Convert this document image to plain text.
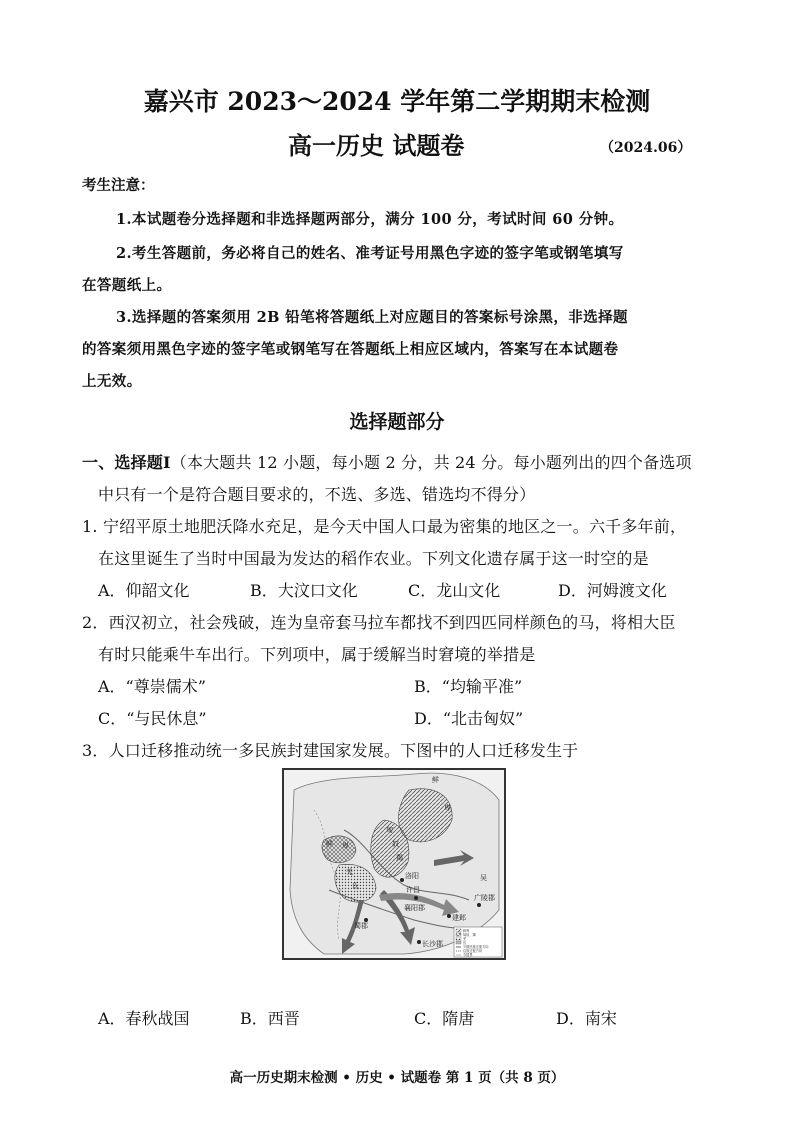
嘉兴市 2023～2024 学年第二学期期末检测
高一历史 试题卷	（2024.06）
考生注意：
1.本试题卷分选择题和非选择题两部分，满分 100 分，考试时间 60 分钟。
2.考生答题前，务必将自己的姓名、准考证号用黑色字迹的签字笔或钢笔填写
在答题纸上。
3.选择题的答案须用 2B 铅笔将答题纸上对应题目的答案标号涂黑，非选择题
的答案须用黑色字迹的签字笔或钢笔写在答题纸上相应区域内，答案写在本试题卷
上无效。
选择题部分
一、选择题Ⅰ（本大题共 12 小题，每小题 2 分，共 24 分。每小题列出的四个备选项
中只有一个是符合题目要求的，不选、多选、错选均不得分）
1. 宁绍平原土地肥沃降水充足，是今天中国人口最为密集的地区之一。六千多年前，
在这里诞生了当时中国最为发达的稻作农业。下列文化遗存属于这一时空的是
A．仰韶文化	B．大汶口文化	C．龙山文化	D．河姆渡文化
2．西汉初立，社会残破，连为皇帝套马拉车都找不到四匹同样颜色的马，将相大臣
有时只能乘牛车出行。下列项中，属于缓解当时窘境的举措是
A．“尊崇儒术”	B．“均输平准”
C．“与民休息”	D．“北击匈奴”
3．人口迁移推动统一多民族封建国家发展。下图中的人口迁移发生于
鲜
卑
鲜 卑
匈
奴
羯
羌
氐
洛阳
许昌
襄阳郡
建邺
蜀郡
长沙郡
广陵郡
吴
鲜卑
匈奴、羯
羌
氐
少数民族迁徙方向
汉族迁徙方向
今国界
A．春秋战国	B．西晋	C．隋唐	D．南宋
高一历史期末检测 • 历史 • 试题卷 第 1 页（共 8 页）
